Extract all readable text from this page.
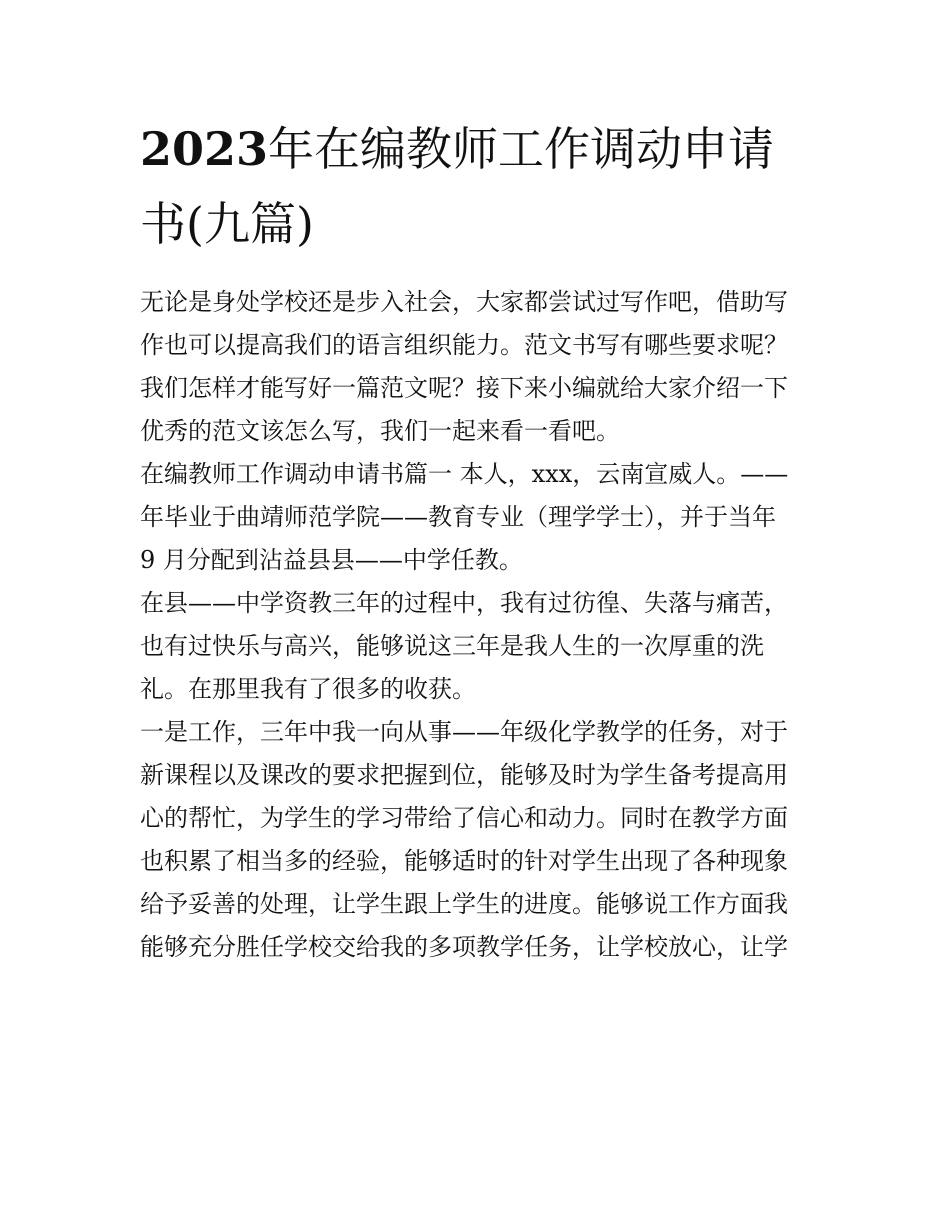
2023年在编教师工作调动申请
书(九篇)

无论是身处学校还是步入社会，大家都尝试过写作吧，借助写
作也可以提高我们的语言组织能力。范文书写有哪些要求呢？
我们怎样才能写好一篇范文呢？接下来小编就给大家介绍一下
优秀的范文该怎么写，我们一起来看一看吧。

在编教师工作调动申请书篇一 本人，xxx，云南宣威人。——
年毕业于曲靖师范学院——教育专业（理学学士），并于当年
9 月分配到沾益县县——中学任教。

在县——中学资教三年的过程中，我有过彷徨、失落与痛苦，
也有过快乐与高兴，能够说这三年是我人生的一次厚重的洗
礼。在那里我有了很多的收获。

一是工作，三年中我一向从事——年级化学教学的任务，对于
新课程以及课改的要求把握到位，能够及时为学生备考提高用
心的帮忙，为学生的学习带给了信心和动力。同时在教学方面
也积累了相当多的经验，能够适时的针对学生出现了各种现象
给予妥善的处理，让学生跟上学生的进度。能够说工作方面我
能够充分胜任学校交给我的多项教学任务，让学校放心，让学
